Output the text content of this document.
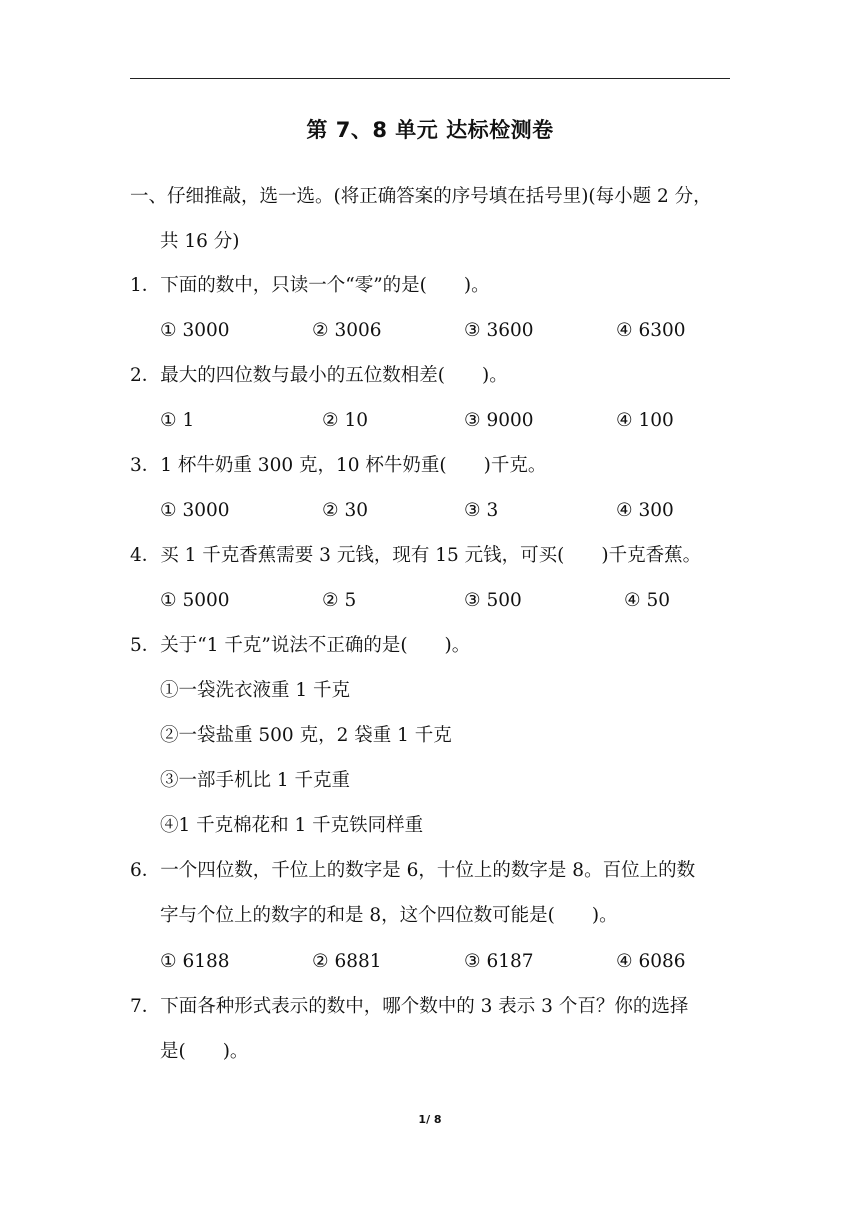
第 7、8 单元 达标检测卷
一、仔细推敲，选一选。(将正确答案的序号填在括号里)(每小题 2 分，
共 16 分)
1．下面的数中，只读一个“零”的是(　　)。
① 3000	② 3006	③ 3600	④ 6300
2．最大的四位数与最小的五位数相差(　　)。
① 1	② 10	③ 9000	④ 100
3．1 杯牛奶重 300 克，10 杯牛奶重(　　)千克。
① 3000	② 30	③ 3	④ 300
4．买 1 千克香蕉需要 3 元钱，现有 15 元钱，可买(　　)千克香蕉。
① 5000	② 5	③ 500	④ 50
5．关于“1 千克”说法不正确的是(　　)。
①一袋洗衣液重 1 千克
②一袋盐重 500 克，2 袋重 1 千克
③一部手机比 1 千克重
④1 千克棉花和 1 千克铁同样重
6．一个四位数，千位上的数字是 6，十位上的数字是 8。百位上的数
字与个位上的数字的和是 8，这个四位数可能是(　　)。
① 6188	② 6881	③ 6187	④ 6086
7．下面各种形式表示的数中，哪个数中的 3 表示 3 个百？你的选择
是(　　)。
1/ 8
